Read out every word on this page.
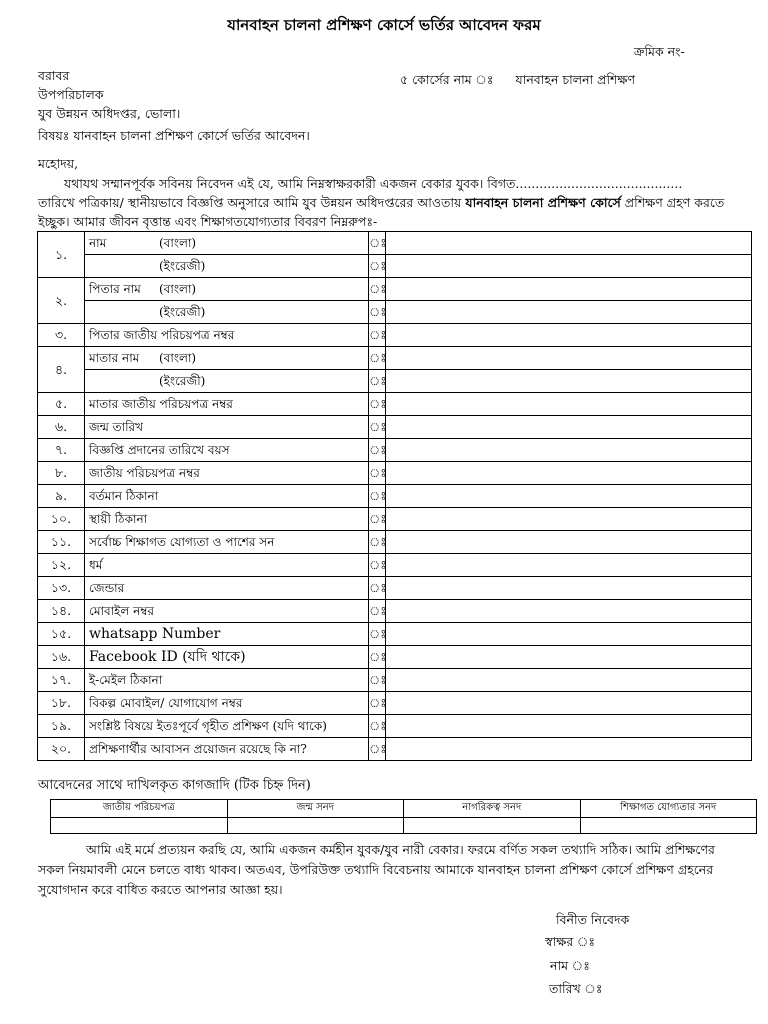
যানবাহন চালনা প্রশিক্ষণ কোর্সে ভর্তির আবেদন ফরম
ক্রমিক নং-
বরাবর
উপপরিচালক
যুব উন্নয়ন অধিদপ্তর, ভোলা।
৫ কোর্সের নাম ঃ যানবাহন চালনা প্রশিক্ষণ
বিষয়ঃ যানবাহন চালনা প্রশিক্ষণ কোর্সে ভর্তির আবেদন।
মহোদয়,
যথাযথ সম্মানপূর্বক সবিনয় নিবেদন এই যে, আমি নিম্নস্বাক্ষরকারী একজন বেকার যুবক। বিগত..........................................
তারিখে পত্রিকায়/ স্থানীয়ভাবে বিজ্ঞপ্তি অনুসারে আমি যুব উন্নয়ন অধিদপ্তরের আওতায় যানবাহন চালনা প্রশিক্ষণ কোর্সে প্রশিক্ষণ গ্রহণ করতে
ইচ্ছুক। আমার জীবন বৃত্তান্ত এবং শিক্ষাগতযোগ্যতার বিবরণ নিম্নরুপঃ-
১.	নাম (বাংলা)	ঃ	
	(ইংরেজী)	ঃ	
২.	পিতার নাম (বাংলা)	ঃ	
	(ইংরেজী)	ঃ	
৩.	পিতার জাতীয় পরিচয়পত্র নম্বর	ঃ	
৪.	মাতার নাম (বাংলা)	ঃ	
	(ইংরেজী)	ঃ	
৫.	মাতার জাতীয় পরিচয়পত্র নম্বর	ঃ	
৬.	জন্ম তারিখ	ঃ	
৭.	বিজ্ঞপ্তি প্রদানের তারিখে বয়স	ঃ	
৮.	জাতীয় পরিচয়পত্র নম্বর	ঃ	
৯.	বর্তমান ঠিকানা	ঃ	
১০.	স্থায়ী ঠিকানা	ঃ	
১১.	সর্বোচ্চ শিক্ষাগত যোগ্যতা ও পাশের সন	ঃ	
১২.	ধর্ম	ঃ	
১৩.	জেন্ডার	ঃ	
১৪.	মোবাইল নম্বর	ঃ	
১৫.	whatsapp Number	ঃ	
১৬.	Facebook ID (যদি থাকে)	ঃ	
১৭.	ই-মেইল ঠিকানা	ঃ	
১৮.	বিকল্প মোবাইল/ যোগাযোগ নম্বর	ঃ	
১৯.	সংশ্লিষ্ট বিষয়ে ইতঃপূর্বে গৃহীত প্রশিক্ষণ (যদি থাকে)	ঃ	
২০.	প্রশিক্ষণার্থীর আবাসন প্রয়োজন রয়েছে কি না?	ঃ	
আবেদনের সাথে দাখিলকৃত কাগজাদি (টিক চিহ্ন দিন)
জাতীয় পরিচয়পত্র	জন্ম সনদ	নাগরিকত্ব সনদ	শিক্ষাগত যোগ্যতার সনদ

আমি এই মর্মে প্রত্যয়ন করছি যে, আমি একজন কর্মহীন যুবক/যুব নারী বেকার। ফরমে বর্ণিত সকল তথ্যাদি সঠিক। আমি প্রশিক্ষণের
সকল নিয়মাবলী মেনে চলতে বাধ্য থাকব। অতএব, উপরিউক্ত তথ্যাদি বিবেচনায় আমাকে যানবাহন চালনা প্রশিক্ষণ কোর্সে প্রশিক্ষণ গ্রহনের
সুযোগদান করে বাধিত করতে আপনার আজ্ঞা হয়।
বিনীত নিবেদক
স্বাক্ষর ঃ
নাম ঃ
তারিখ ঃ
